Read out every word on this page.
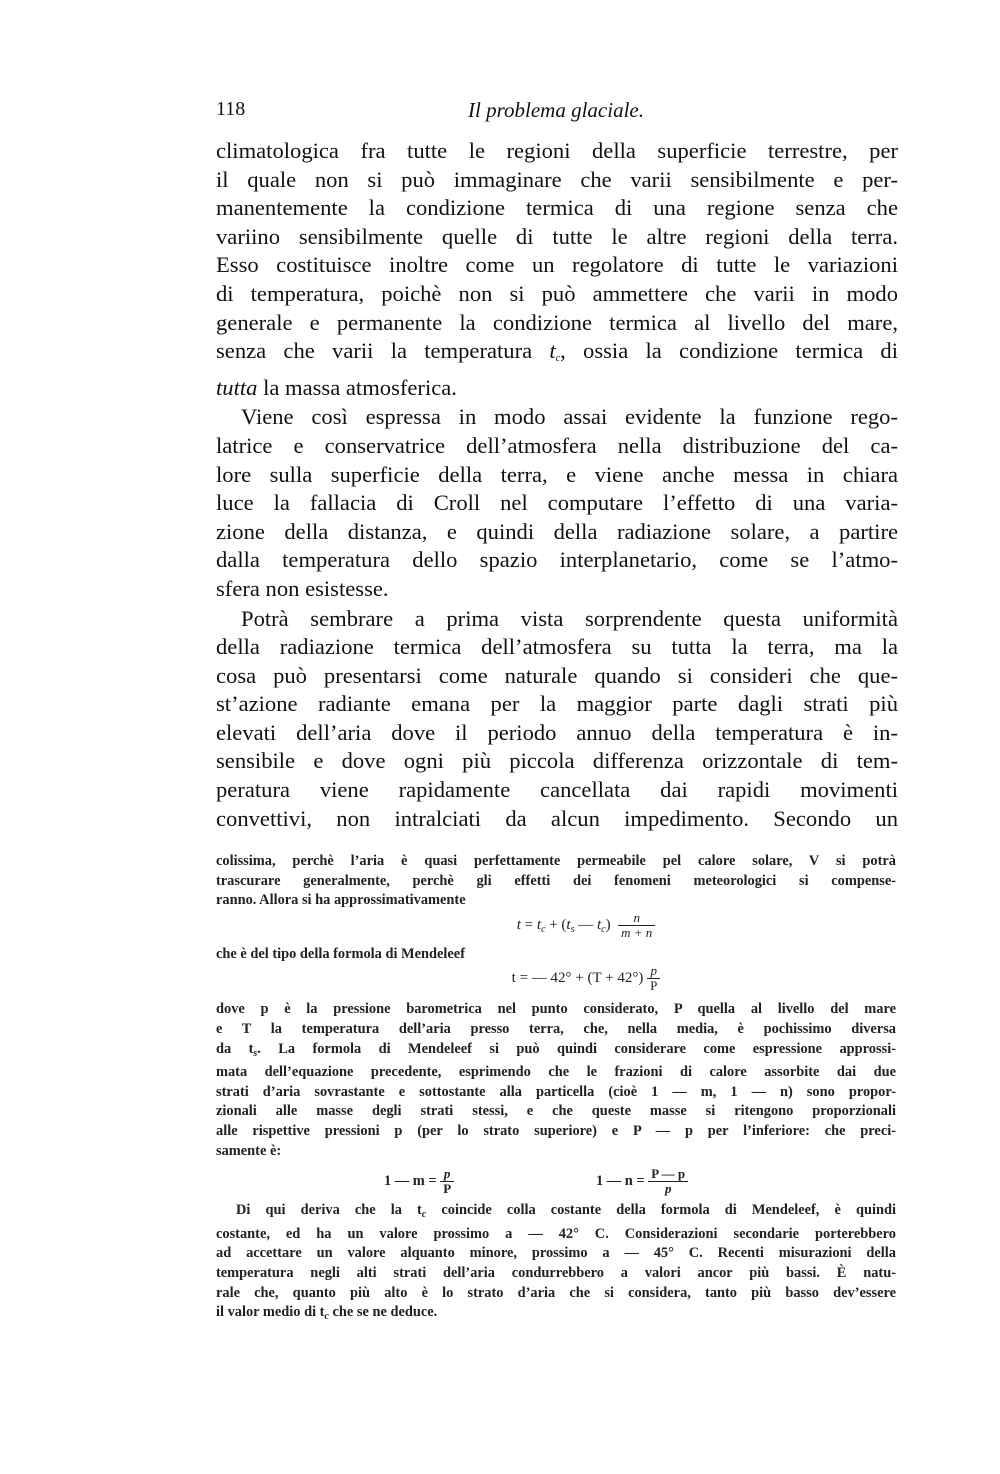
118	Il problema glaciale.

climatologica fra tutte le regioni della superficie terrestre, per
il quale non si può immaginare che varii sensibilmente e per-
manentemente la condizione termica di una regione senza che
variino sensibilmente quelle di tutte le altre regioni della terra.
Esso costituisce inoltre come un regolatore di tutte le variazioni
di temperatura, poichè non si può ammettere che varii in modo
generale e permanente la condizione termica al livello del mare,
senza che varii la temperatura $t_c$, ossia la condizione termica di
tutta la massa atmosferica.

Viene così espressa in modo assai evidente la funzione rego-
latrice e conservatrice dell’atmosfera nella distribuzione del ca-
lore sulla superficie della terra, e viene anche messa in chiara
luce la fallacia di Croll nel computare l’effetto di una varia-
zione della distanza, e quindi della radiazione solare, a partire
dalla temperatura dello spazio interplanetario, come se l’atmo-
sfera non esistesse.

Potrà sembrare a prima vista sorprendente questa uniformità
della radiazione termica dell’atmosfera su tutta la terra, ma la
cosa può presentarsi come naturale quando si consideri che que-
st’azione radiante emana per la maggior parte dagli strati più
elevati dell’aria dove il periodo annuo della temperatura è in-
sensibile e dove ogni più piccola differenza orizzontale di tem-
peratura viene rapidamente cancellata dai rapidi movimenti
convettivi, non intralciati da alcun impedimento. Secondo un

colissima, perchè l’aria è quasi perfettamente permeabile pel calore solare, V si potrà
trascurare generalmente, perchè gli effetti dei fenomeni meteorologici si compense-
ranno. Allora si ha approssimativamente
$t = t_c + (t_s$ — $t_c) \frac{n}{m + n}$
che è del tipo della formola di Mendeleef
t = — $42^\circ + (T + 42^\circ) \frac{p}{P}$
dove p è la pressione barometrica nel punto considerato, P quella al livello del mare
e T la temperatura dell’aria presso terra, che, nella media, è pochissimo diversa
da $t_s$. La formola di Mendeleef si può quindi considerare come espressione approssi-
mata dell’equazione precedente, esprimendo che le frazioni di calore assorbite dai due
strati d’aria sovrastante e sottostante alla particella (cioè 1 — m, 1 — n) sono propor-
zionali alle masse degli strati stessi, e che queste masse si ritengono proporzionali
alle rispettive pressioni p (per lo strato superiore) e P — p per l’inferiore: che preci-
samente è:
1 — $m = \frac{p}{P}$	1 — $n = \frac{P — p}{p}$
Di qui deriva che la $t_c$ coincide colla costante della formola di Mendeleef, è quindi
costante, ed ha un valore prossimo a — 42° C. Considerazioni secondarie porterebbero
ad accettare un valore alquanto minore, prossimo a — 45° C. Recenti misurazioni della
temperatura negli alti strati dell’aria condurrebbero a valori ancor più bassi. È natu-
rale che, quanto più alto è lo strato d’aria che si considera, tanto più basso dev’essere
il valor medio di $t_c$ che se ne deduce.
